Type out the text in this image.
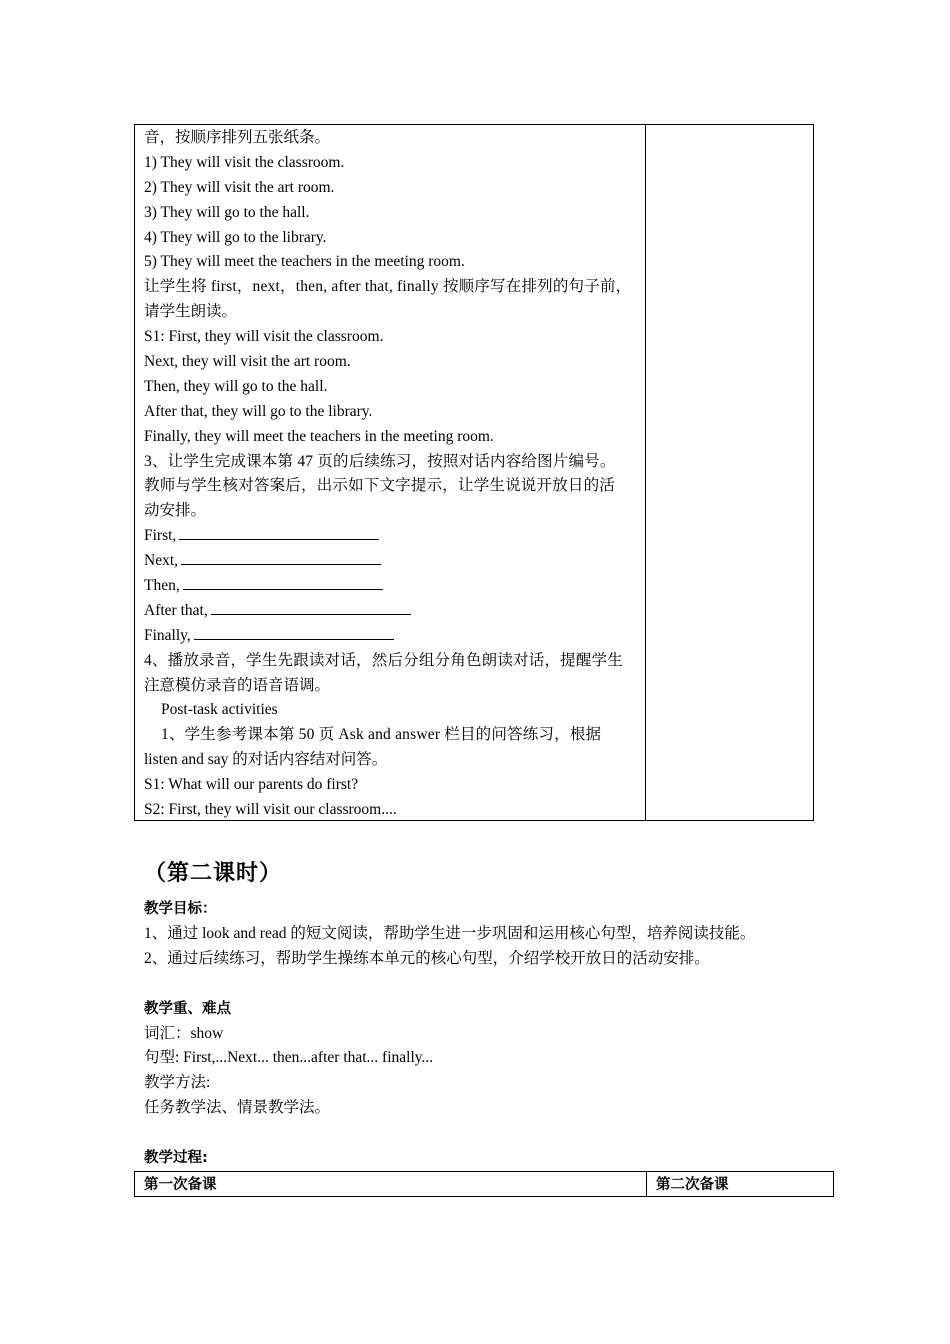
音，按顺序排列五张纸条。
1) They will visit the classroom.
2) They will visit the art room.
3) They will go to the hall.
4) They will go to the library.
5) They will meet the teachers in the meeting room.
让学生将 first，next，then, after that, finally 按顺序写在排列的句子前，
请学生朗读。
S1: First, they will visit the classroom.
Next, they will visit the art room.
Then, they will go to the hall.
After that, they will go to the library.
Finally, they will meet the teachers in the meeting room.
3、让学生完成课本第 47 页的后续练习，按照对话内容给图片编号。
教师与学生核对答案后，出示如下文字提示，让学生说说开放日的活
动安排。
First,
Next,
Then,
After that,
Finally,
4、播放录音，学生先跟读对话，然后分组分角色朗读对话，提醒学生
注意模仿录音的语音语调。
Post-task activities
1、学生参考课本第 50 页 Ask and answer 栏目的问答练习，根据
listen and say 的对话内容结对问答。
S1: What will our parents do first?
S2: First, they will visit our classroom....
（第二课时）
教学目标：
1、通过 look and read 的短文阅读，帮助学生进一步巩固和运用核心句型，培养阅读技能。
2、通过后续练习，帮助学生操练本单元的核心句型，介绍学校开放日的活动安排。
教学重、难点
词汇：show
句型: First,...Next... then...after that... finally...
教学方法:
任务教学法、情景教学法。
教学过程:
第一次备课	第二次备课
